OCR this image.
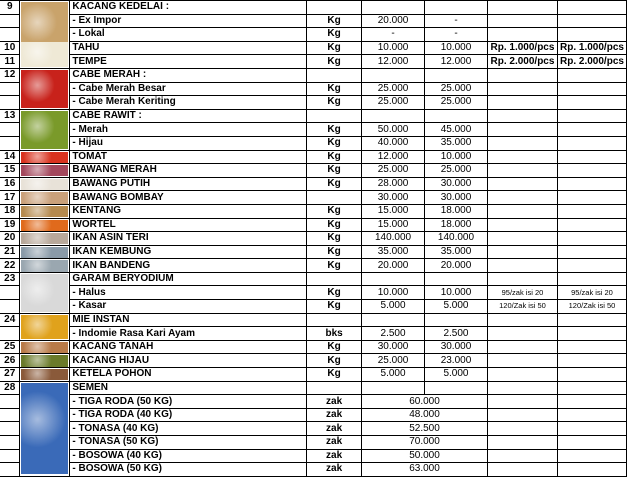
9		KACANG KEDELAI :					
		- Ex Impor	Kg	20.000	-		
		- Lokal	Kg	-	-		
10		TAHU	Kg	10.000	10.000	Rp. 1.000/pcs	Rp. 1.000/pcs
11		TEMPE	Kg	12.000	12.000	Rp. 2.000/pcs	Rp. 2.000/pcs
12		CABE MERAH :					
		- Cabe Merah Besar	Kg	25.000	25.000		
		- Cabe Merah Keriting	Kg	25.000	25.000		
13		CABE RAWIT :					
		- Merah	Kg	50.000	45.000		
		- Hijau	Kg	40.000	35.000		
14		TOMAT	Kg	12.000	10.000		
15		BAWANG MERAH	Kg	25.000	25.000		
16		BAWANG PUTIH	Kg	28.000	30.000		
17		BAWANG BOMBAY		30.000	30.000		
18		KENTANG	Kg	15.000	18.000		
19		WORTEL	Kg	15.000	18.000		
20		IKAN ASIN TERI	Kg	140.000	140.000		
21		IKAN KEMBUNG	Kg	35.000	35.000		
22		IKAN BANDENG	Kg	20.000	20.000		
23		GARAM BERYODIUM					
		- Halus	Kg	10.000	10.000	95/zak isi 20	95/zak isi 20
		- Kasar	Kg	5.000	5.000	120/Zak isi 50	120/Zak isi 50
24		MIE INSTAN					
		- Indomie Rasa Kari Ayam	bks	2.500	2.500		
25		KACANG TANAH	Kg	30.000	30.000		
26		KACANG HIJAU	Kg	25.000	23.000		
27		KETELA POHON	Kg	5.000	5.000		
28		SEMEN					
		- TIGA RODA (50 KG)	zak	60.000			
		- TIGA RODA (40 KG)	zak	48.000			
		- TONASA (40 KG)	zak	52.500			
		- TONASA (50 KG)	zak	70.000			
		- BOSOWA (40 KG)	zak	50.000			
		- BOSOWA (50 KG)	zak	63.000			
